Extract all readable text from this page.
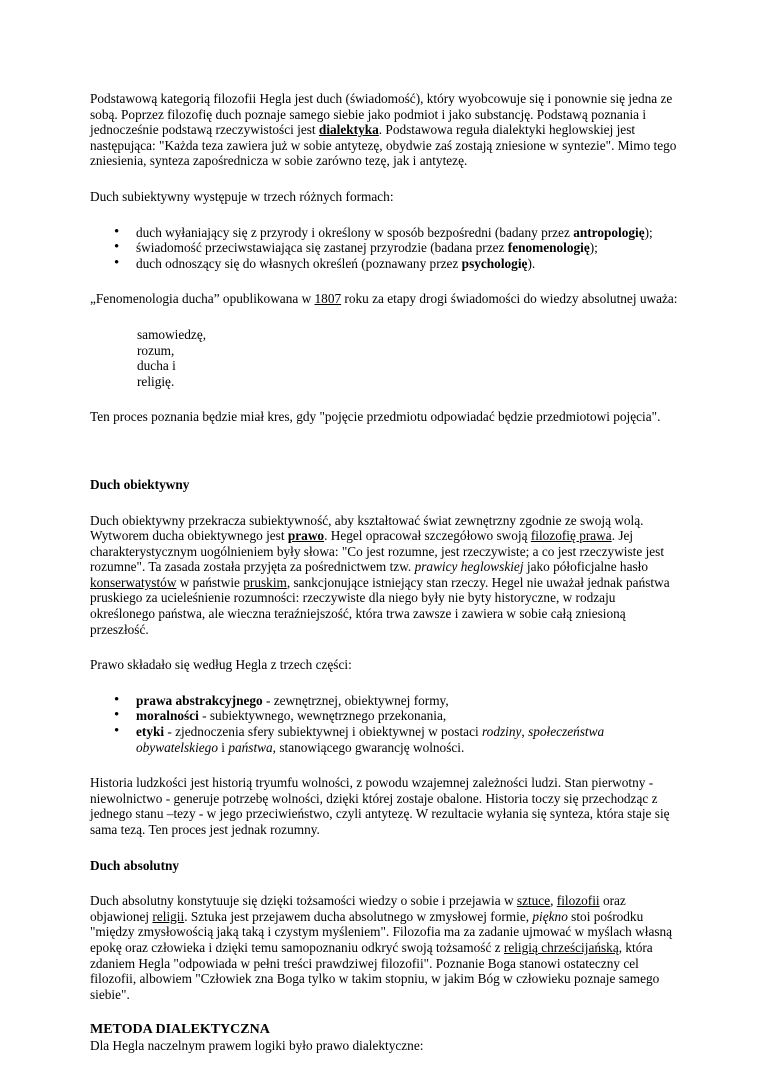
Podstawową kategorią filozofii Hegla jest duch (świadomość), który wyobcowuje się i ponownie się jedna ze sobą. Poprzez filozofię duch poznaje samego siebie jako podmiot i jako substancję. Podstawą poznania i jednocześnie podstawą rzeczywistości jest dialektyka. Podstawowa reguła dialektyki heglowskiej jest następująca: "Każda teza zawiera już w sobie antytezę, obydwie zaś zostają zniesione w syntezie". Mimo tego zniesienia, synteza zapośrednicza w sobie zarówno tezę, jak i antytezę.

Duch subiektywny występuje w trzech różnych formach:

• duch wyłaniający się z przyrody i określony w sposób bezpośredni (badany przez antropologię);
• świadomość przeciwstawiająca się zastanej przyrodzie (badana przez fenomenologię);
• duch odnoszący się do własnych określeń (poznawany przez psychologię).

„Fenomenologia ducha” opublikowana w 1807 roku za etapy drogi świadomości do wiedzy absolutnej uważa:

samowiedzę,

rozum,

ducha i

religię.

Ten proces poznania będzie miał kres, gdy "pojęcie przedmiotu odpowiadać będzie przedmiotowi pojęcia".

Duch obiektywny

Duch obiektywny przekracza subiektywność, aby kształtować świat zewnętrzny zgodnie ze swoją wolą. Wytworem ducha obiektywnego jest prawo. Hegel opracował szczegółowo swoją filozofię prawa. Jej charakterystycznym uogólnieniem były słowa: "Co jest rozumne, jest rzeczywiste; a co jest rzeczywiste jest rozumne". Ta zasada została przyjęta za pośrednictwem tzw. prawicy heglowskiej jako półoficjalne hasło konserwatystów w państwie pruskim, sankcjonujące istniejący stan rzeczy. Hegel nie uważał jednak państwa pruskiego za ucieleśnienie rozumności: rzeczywiste dla niego były nie byty historyczne, w rodzaju określonego państwa, ale wieczna teraźniejszość, która trwa zawsze i zawiera w sobie całą zniesioną przeszłość.

Prawo składało się według Hegla z trzech części:

• prawa abstrakcyjnego - zewnętrznej, obiektywnej formy,
• moralności - subiektywnego, wewnętrznego przekonania,
• etyki - zjednoczenia sfery subiektywnej i obiektywnej w postaci rodziny, społeczeństwa obywatelskiego i państwa, stanowiącego gwarancję wolności.

Historia ludzkości jest historią tryumfu wolności, z powodu wzajemnej zależności ludzi. Stan pierwotny - niewolnictwo - generuje potrzebę wolności, dzięki której zostaje obalone. Historia toczy się przechodząc z jednego stanu –tezy - w jego przeciwieństwo, czyli antytezę. W rezultacie wyłania się synteza, która staje się sama tezą. Ten proces jest jednak rozumny.

Duch absolutny

Duch absolutny konstytuuje się dzięki tożsamości wiedzy o sobie i przejawia w sztuce, filozofii oraz objawionej religii. Sztuka jest przejawem ducha absolutnego w zmysłowej formie, piękno stoi pośrodku "między zmysłowością jaką taką i czystym myśleniem". Filozofia ma za zadanie ujmować w myślach własną epokę oraz człowieka i dzięki temu samopoznaniu odkryć swoją tożsamość z religią chrześcijańską, która zdaniem Hegla "odpowiada w pełni treści prawdziwej filozofii". Poznanie Boga stanowi ostateczny cel filozofii, albowiem "Człowiek zna Boga tylko w takim stopniu, w jakim Bóg w człowieku poznaje samego siebie".

METODA DIALEKTYCZNA

Dla Hegla naczelnym prawem logiki było prawo dialektyczne:
